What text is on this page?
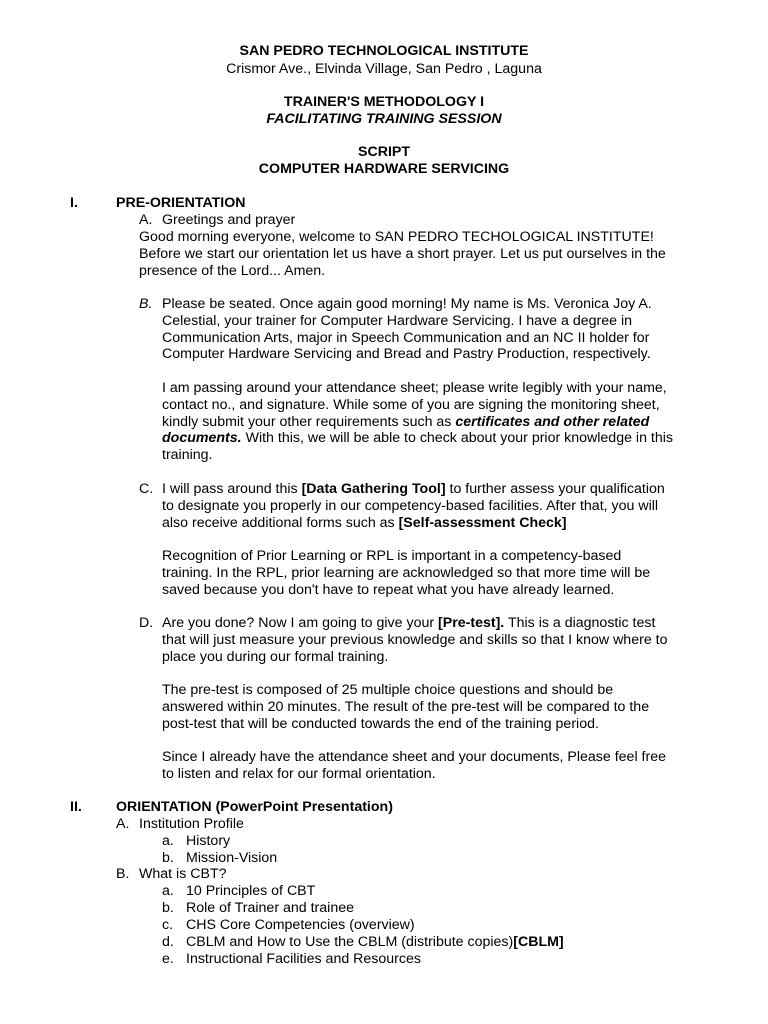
SAN PEDRO TECHNOLOGICAL INSTITUTE
Crismor Ave., Elvinda Village, San Pedro , Laguna
TRAINER'S METHODOLOGY I
FACILITATING TRAINING SESSION
SCRIPT
COMPUTER HARDWARE SERVICING
I.	PRE-ORIENTATION
A. Greetings and prayer

Good morning everyone, welcome to SAN PEDRO TECHOLOGICAL INSTITUTE!

Before we start our orientation let us have a short prayer. Let us put ourselves in the

presence of the Lord... Amen.

B. Please be seated. Once again good morning! My name is Ms. Veronica Joy A.

Celestial, your trainer for Computer Hardware Servicing. I have a degree in

Communication Arts, major in Speech Communication and an NC II holder for

Computer Hardware Servicing and Bread and Pastry Production, respectively.

I am passing around your attendance sheet; please write legibly with your name,

contact no., and signature. While some of you are signing the monitoring sheet,

kindly submit your other requirements such as certificates and other related

documents. With this, we will be able to check about your prior knowledge in this

training.

C. I will pass around this [Data Gathering Tool] to further assess your qualification

to designate you properly in our competency-based facilities. After that, you will

also receive additional forms such as [Self-assessment Check]

Recognition of Prior Learning or RPL is important in a competency-based

training. In the RPL, prior learning are acknowledged so that more time will be

saved because you don't have to repeat what you have already learned.

D. Are you done? Now I am going to give your [Pre-test]. This is a diagnostic test

that will just measure your previous knowledge and skills so that I know where to

place you during our formal training.

The pre-test is composed of 25 multiple choice questions and should be

answered within 20 minutes. The result of the pre-test will be compared to the

post-test that will be conducted towards the end of the training period.

Since I already have the attendance sheet and your documents, Please feel free

to listen and relax for our formal orientation.

II. ORIENTATION (PowerPoint Presentation)
A. Institution Profile
a. History
b. Mission-Vision
B. What is CBT?
a. 10 Principles of CBT
b. Role of Trainer and trainee
c. CHS Core Competencies (overview)
d. CBLM and How to Use the CBLM (distribute copies)[CBLM]
e. Instructional Facilities and Resources
